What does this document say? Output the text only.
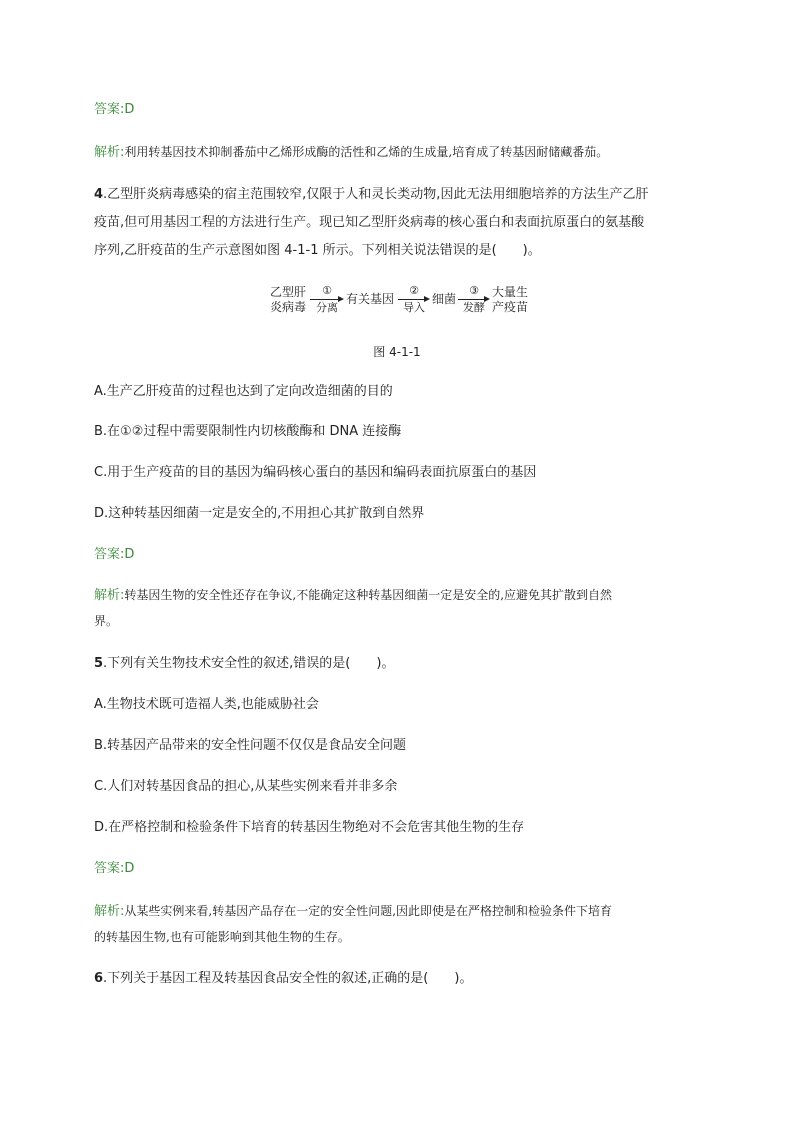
答案:D
解析:利用转基因技术抑制番茄中乙烯形成酶的活性和乙烯的生成量,培育成了转基因耐储藏番茄。
4.乙型肝炎病毒感染的宿主范围较窄,仅限于人和灵长类动物,因此无法用细胞培养的方法生产乙肝
疫苗,但可用基因工程的方法进行生产。现已知乙型肝炎病毒的核心蛋白和表面抗原蛋白的氨基酸
序列,乙肝疫苗的生产示意图如图 4-1-1 所示。下列相关说法错误的是(　　)。
乙型肝
炎病毒
①
分离
有关基因
②
导入
细菌
③
发酵
大量生
产疫苗
图 4-1-1
A.生产乙肝疫苗的过程也达到了定向改造细菌的目的
B.在①②过程中需要限制性内切核酸酶和 DNA 连接酶
C.用于生产疫苗的目的基因为编码核心蛋白的基因和编码表面抗原蛋白的基因
D.这种转基因细菌一定是安全的,不用担心其扩散到自然界
答案:D
解析:转基因生物的安全性还存在争议,不能确定这种转基因细菌一定是安全的,应避免其扩散到自然
界。
5.下列有关生物技术安全性的叙述,错误的是(　　)。
A.生物技术既可造福人类,也能威胁社会
B.转基因产品带来的安全性问题不仅仅是食品安全问题
C.人们对转基因食品的担心,从某些实例来看并非多余
D.在严格控制和检验条件下培育的转基因生物绝对不会危害其他生物的生存
答案:D
解析:从某些实例来看,转基因产品存在一定的安全性问题,因此即使是在严格控制和检验条件下培育
的转基因生物,也有可能影响到其他生物的生存。
6.下列关于基因工程及转基因食品安全性的叙述,正确的是(　　)。
